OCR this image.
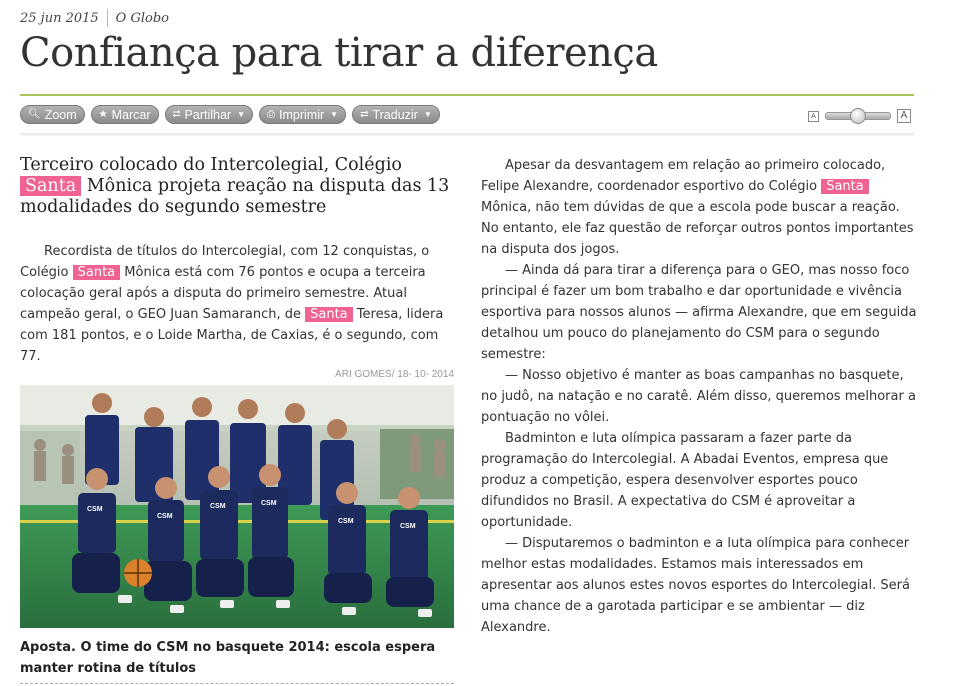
25 jun 2015 O Globo
Confiança para tirar a diferença
🔍︎ Zoom ★ Marcar ⮂ Partilhar ▼ ⎙ Imprimir ▼ ⇄ Traduzir ▼	A	A
Terceiro colocado do Intercolegial, Colégio Santa Mônica projeta reação na disputa das 13 modalidades do segundo semestre

Recordista de títulos do Intercolegial, com 12 conquistas, o Colégio Santa Mônica está com 76 pontos e ocupa a terceira colocação geral após a disputa do primeiro semestre. Atual campeão geral, o GEO Juan Samaranch, de Santa Teresa, lidera com 181 pontos, e o Loide Martha, de Caxias, é o segundo, com 77.

ARI GOMES/ 18- 10- 2014
CSM
CSM
CSM	CSM
CSM
CSM

Aposta. O time do CSM no basquete 2014: escola espera manter rotina de títulos

Apesar da desvantagem em relação ao primeiro colocado, Felipe Alexandre, coordenador esportivo do Colégio Santa Mônica, não tem dúvidas de que a escola pode buscar a reação. No entanto, ele faz questão de reforçar outros pontos importantes na disputa dos jogos.

— Ainda dá para tirar a diferença para o GEO, mas nosso foco principal é fazer um bom trabalho e dar oportunidade e vivência esportiva para nossos alunos — afirma Alexandre, que em seguida detalhou um pouco do planejamento do CSM para o segundo semestre:

— Nosso objetivo é manter as boas campanhas no basquete, no judô, na natação e no caratê. Além disso, queremos melhorar a pontuação no vôlei.

Badminton e luta olímpica passaram a fazer parte da programação do Intercolegial. A Abadai Eventos, empresa que produz a competição, espera desenvolver esportes pouco difundidos no Brasil. A expectativa do CSM é aproveitar a oportunidade.

— Disputaremos o badminton e a luta olímpica para conhecer melhor estas modalidades. Estamos mais interessados em apresentar aos alunos estes novos esportes do Intercolegial. Será uma chance de a garotada participar e se ambientar — diz Alexandre.
